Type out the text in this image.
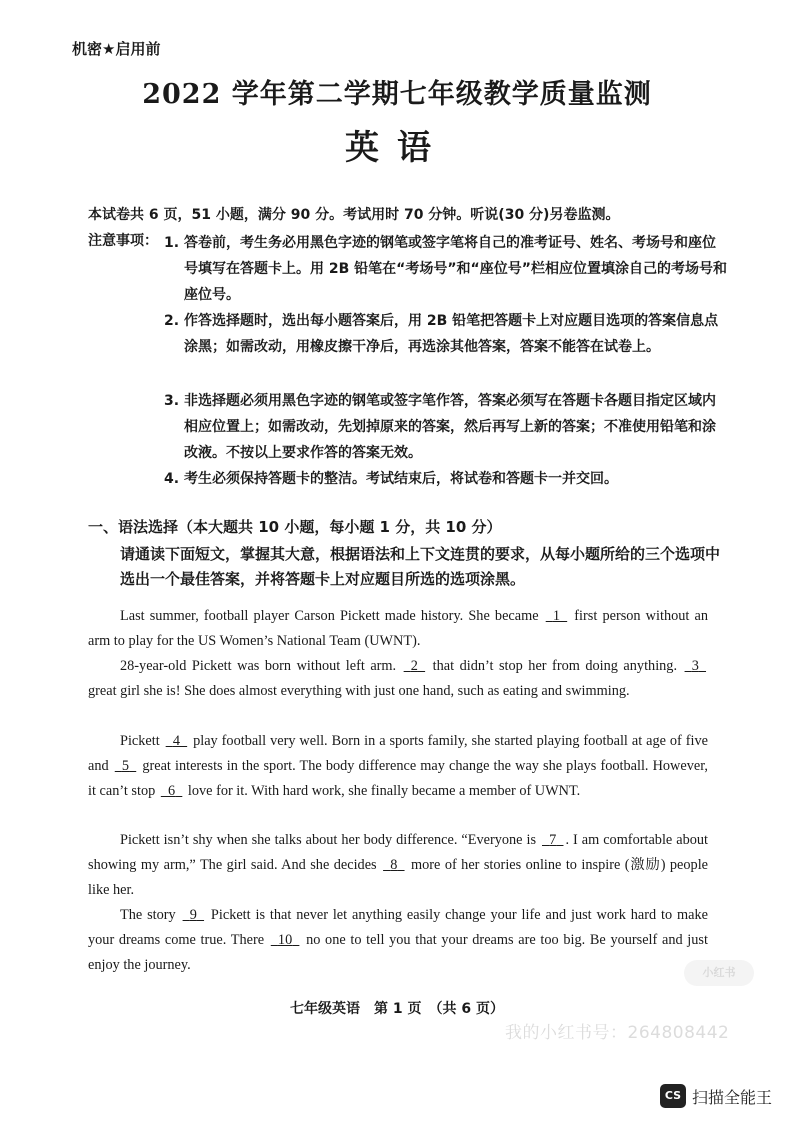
机密★启用前
2022 学年第二学期七年级教学质量监测
英语
本试卷共 6 页，51 小题，满分 90 分。考试用时 70 分钟。听说(30 分)另卷监测。
注意事项： 1. 答卷前，考生务必用黑色字迹的钢笔或签字笔将自己的准考证号、姓名、考场号和座位号填写在答题卡上。用 2B 铅笔在“考场号”和“座位号”栏相应位置填涂自己的考场号和座位号。
2. 作答选择题时，选出每小题答案后，用 2B 铅笔把答题卡上对应题目选项的答案信息点涂黑；如需改动，用橡皮擦干净后，再选涂其他答案，答案不能答在试卷上。
3. 非选择题必须用黑色字迹的钢笔或签字笔作答，答案必须写在答题卡各题目指定区域内相应位置上；如需改动，先划掉原来的答案，然后再写上新的答案；不准使用铅笔和涂改液。不按以上要求作答的答案无效。
4. 考生必须保持答题卡的整洁。考试结束后，将试卷和答题卡一并交回。
一、语法选择（本大题共 10 小题，每小题 1 分，共 10 分）
请通读下面短文，掌握其大意，根据语法和上下文连贯的要求，从每小题所给的三个选项中选出一个最佳答案，并将答题卡上对应题目所选的选项涂黑。
Last summer, football player Carson Pickett made history. She became 1 first person without an arm to play for the US Women’s National Team (UWNT).
28-year-old Pickett was born without left arm. 2 that didn’t stop her from doing anything. 3   great girl she is! She does almost everything with just one hand, such as eating and swimming.
Pickett 4 play football very well. Born in a sports family, she started playing football at age of five and 5 great interests in the sport. The body difference may change the way she plays football. However, it can’t stop 6 love for it. With hard work, she finally became a member of UWNT.
Pickett isn’t shy when she talks about her body difference. “Everyone is 7 . I am comfortable about showing my arm,” The girl said. And she decides 8 more of her stories online to inspire (激励) people like her.
The story 9 Pickett is that never let anything easily change your life and just work hard to make your dreams come true. There 10 no one to tell you that your dreams are too big. Be yourself and just enjoy the journey.	小红书
七年级英语　第 1 页　（共 6 页）
我的小红书号：264808442
CS 扫描全能王
